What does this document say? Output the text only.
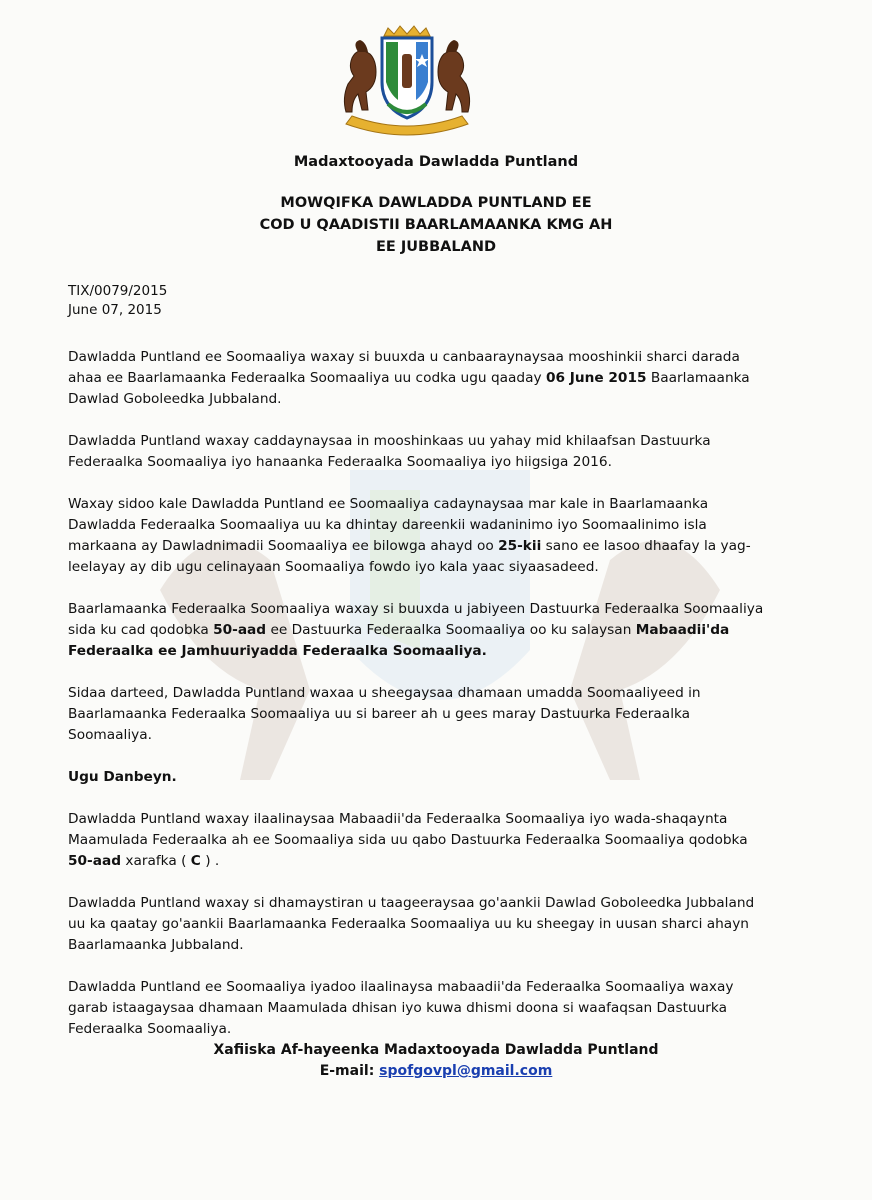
Madaxtooyada Dawladda Puntland
MOWQIFKA DAWLADDA PUNTLAND EE
COD U QAADISTII BAARLAMAANKA KMG AH
EE JUBBALAND
TIX/0079/2015
June 07, 2015

Dawladda Puntland ee Soomaaliya waxay si buuxda u canbaaraynaysaa mooshinkii sharci darada ahaa ee Baarlamaanka Federaalka Soomaaliya uu codka ugu qaaday 06 June 2015 Baarlamaanka Dawlad Goboleedka Jubbaland.

Dawladda Puntland waxay caddaynaysaa in mooshinkaas uu yahay mid khilaafsan Dastuurka Federaalka Soomaaliya iyo hanaanka Federaalka Soomaaliya iyo hiigsiga 2016.

Waxay sidoo kale Dawladda Puntland ee Soomaaliya cadaynaysaa mar kale in Baarlamaanka Dawladda Federaalka Soomaaliya uu ka dhintay dareenkii wadaninimo iyo Soomaalinimo isla markaana ay Dawladnimadii Soomaaliya ee bilowga ahayd oo 25-kii sano ee lasoo dhaafay la yag-leelayay ay dib ugu celinayaan Soomaaliya fowdo iyo kala yaac siyaasadeed.

Baarlamaanka Federaalka Soomaaliya waxay si buuxda u jabiyeen Dastuurka Federaalka Soomaaliya sida ku cad qodobka 50-aad ee Dastuurka Federaalka Soomaaliya oo ku salaysan Mabaadii'da Federaalka ee Jamhuuriyadda Federaalka Soomaaliya.

Sidaa darteed, Dawladda Puntland waxaa u sheegaysaa dhamaan umadda Soomaaliyeed in Baarlamaanka Federaalka Soomaaliya uu si bareer ah u gees maray Dastuurka Federaalka Soomaaliya.

Ugu Danbeyn.

Dawladda Puntland waxay ilaalinaysaa Mabaadii'da Federaalka Soomaaliya iyo wada-shaqaynta Maamulada Federaalka ah ee Soomaaliya sida uu qabo Dastuurka Federaalka Soomaaliya qodobka 50-aad xarafka ( C ) .

Dawladda Puntland waxay si dhamaystiran u taageeraysaa go'aankii Dawlad Goboleedka Jubbaland uu ka qaatay go'aankii Baarlamaanka Federaalka Soomaaliya uu ku sheegay in uusan sharci ahayn Baarlamaanka Jubbaland.

Dawladda Puntland ee Soomaaliya iyadoo ilaalinaysa mabaadii'da Federaalka Soomaaliya waxay garab istaagaysaa dhamaan Maamulada dhisan iyo kuwa dhismi doona si waafaqsan Dastuurka Federaalka Soomaaliya.

Xafiiska Af-hayeenka Madaxtooyada Dawladda Puntland
E-mail: spofgovpl@gmail.com
